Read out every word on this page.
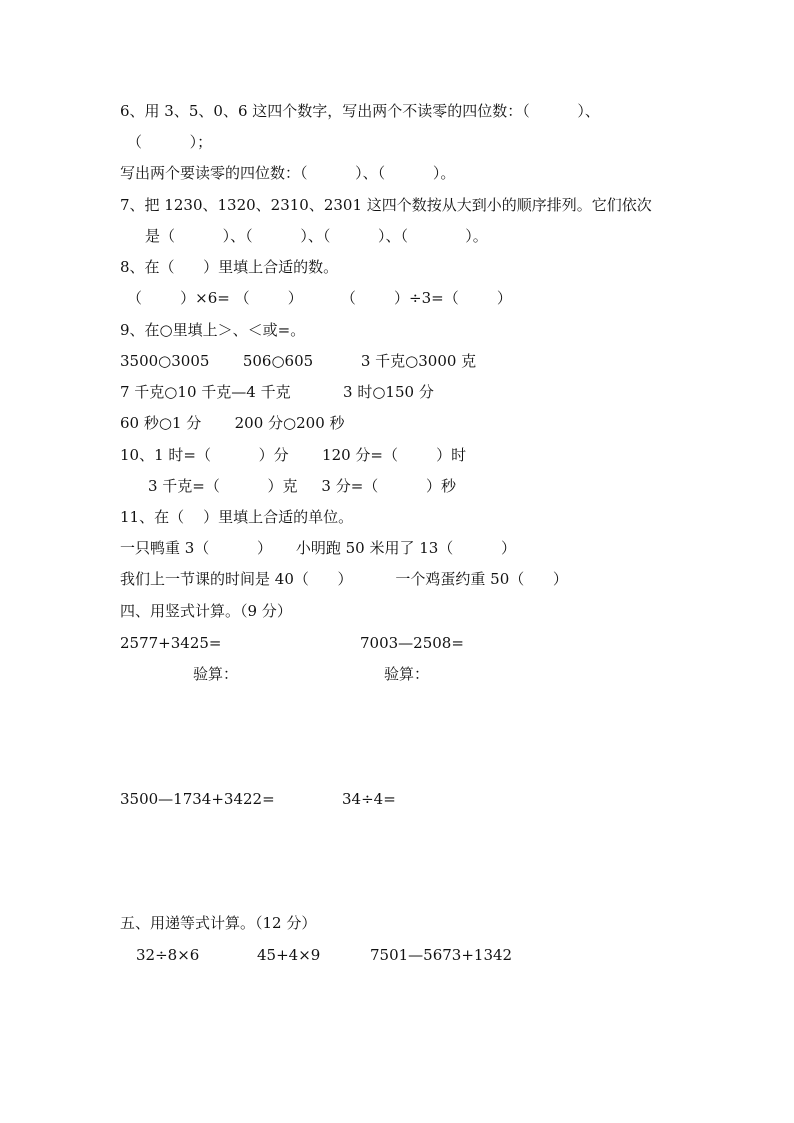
6、用 3、5、0、6 这四个数字，写出两个不读零的四位数：（          ）、
（          ）；
写出两个要读零的四位数：（          ）、（          ）。
7、把 1230、1320、2310、2301 这四个数按从大到小的顺序排列。它们依次
是（          ）、（          ）、（          ）、（            ）。
8、在（      ）里填上合适的数。
（        ）×6= （        ）        （        ）÷3=（        ）
9、在○里填上＞、＜或=。
3500○3005       506○605          3 千克○3000 克
7 千克○10 千克—4 千克           3 时○150 分
60 秒○1 分       200 分○200 秒
10、1 时=（          ）分       120 分=（        ）时
3 千克=（          ）克     3 分=（          ）秒
11、在（    ）里填上合适的单位。
一只鸭重 3（          ）     小明跑 50 米用了 13（          ）
我们上一节课的时间是 40（      ）         一个鸡蛋约重 50（      ）
四、用竖式计算。（9 分）
2577+3425=	7003—2508=
验算：	验算：
3500—1734+3422=	34÷4=
五、用递等式计算。（12 分）
32÷8×6	45+4×9	7501—5673+1342
